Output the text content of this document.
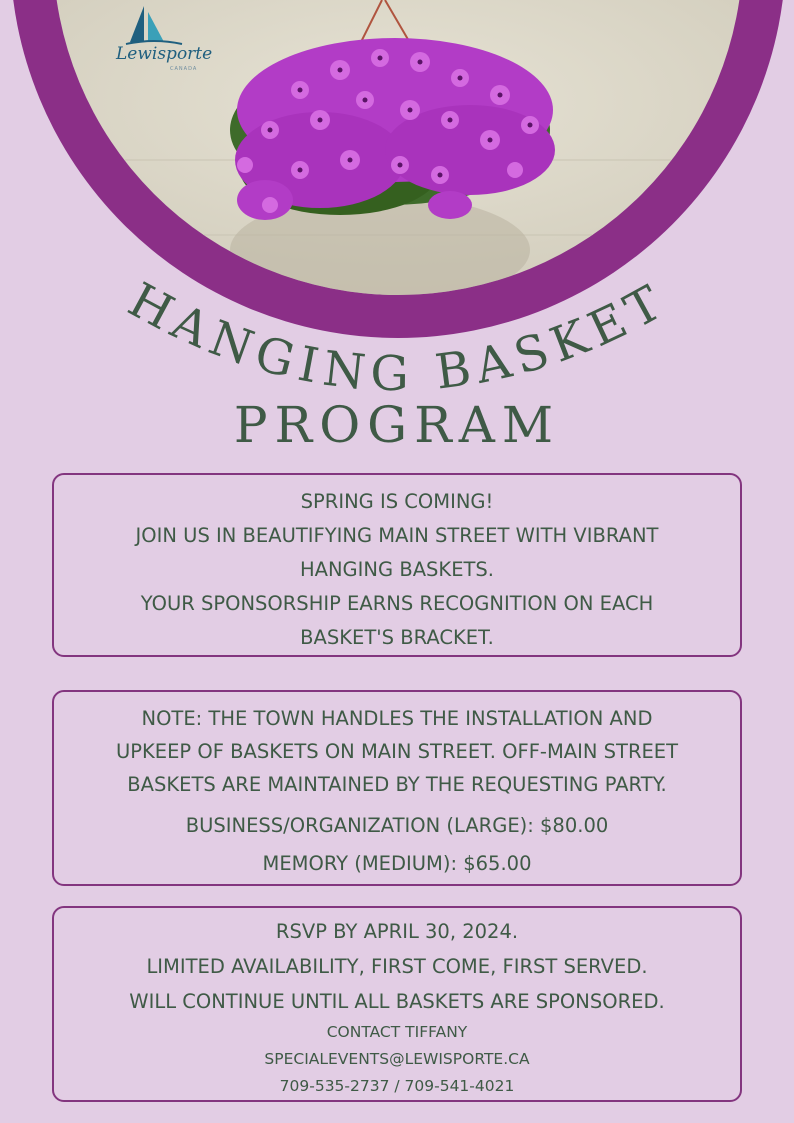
Lewisporte
CANADA
HANGING BASKET
PROGRAM
SPRING IS COMING!
JOIN US IN BEAUTIFYING MAIN STREET WITH VIBRANT
HANGING BASKETS.
YOUR SPONSORSHIP EARNS RECOGNITION ON EACH
BASKET'S BRACKET.
NOTE: THE TOWN HANDLES THE INSTALLATION AND
UPKEEP OF BASKETS ON MAIN STREET. OFF-MAIN STREET
BASKETS ARE MAINTAINED BY THE REQUESTING PARTY.
BUSINESS/ORGANIZATION (LARGE): $80.00
MEMORY (MEDIUM): $65.00
RSVP BY APRIL 30, 2024.
LIMITED AVAILABILITY, FIRST COME, FIRST SERVED.
WILL CONTINUE UNTIL ALL BASKETS ARE SPONSORED.
CONTACT TIFFANY
SPECIALEVENTS@LEWISPORTE.CA
709-535-2737 / 709-541-4021
